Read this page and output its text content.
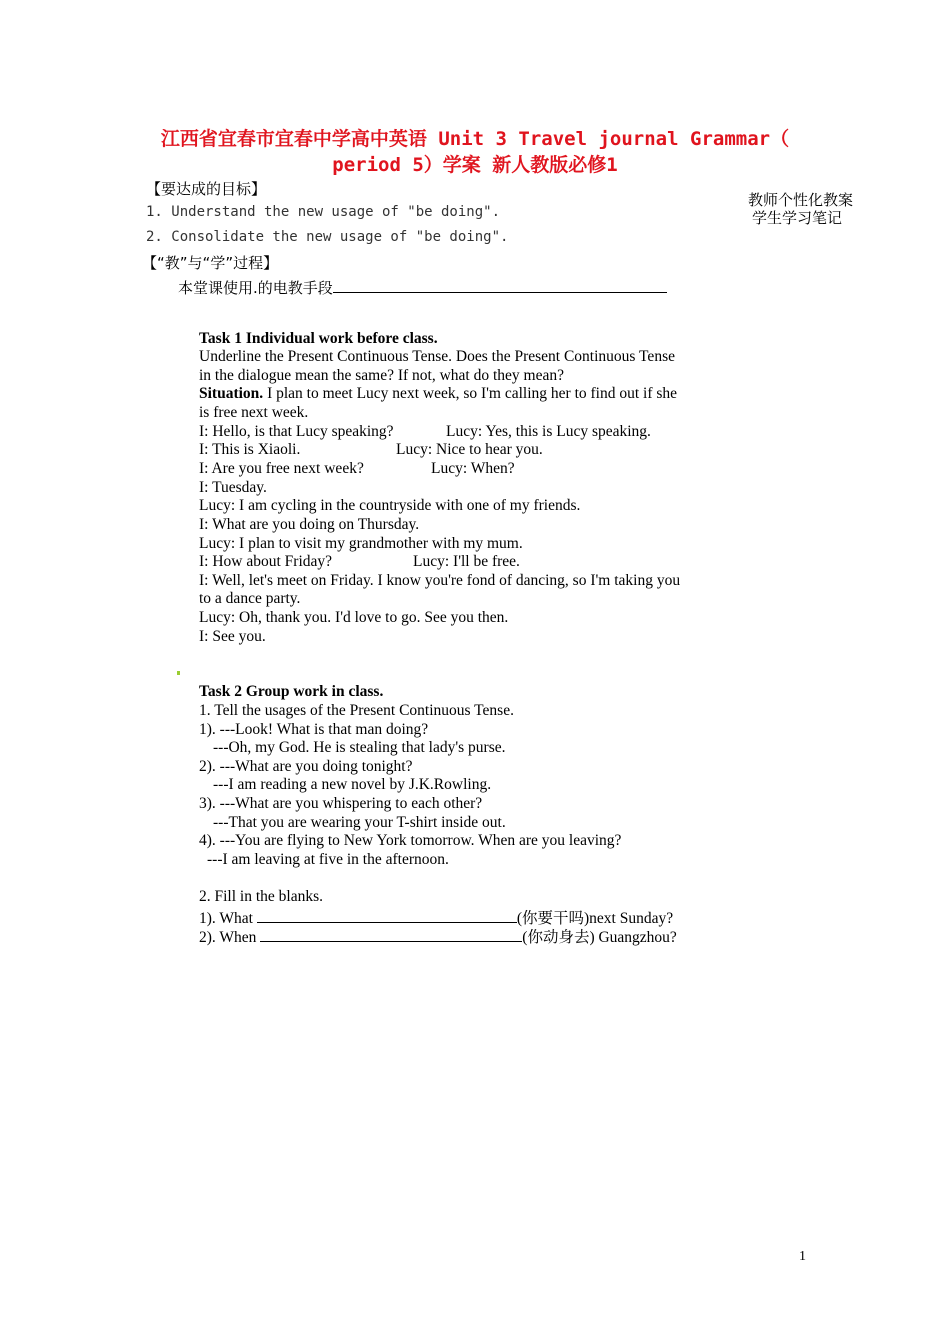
江西省宜春市宜春中学高中英语 Unit 3 Travel journal Grammar（
period 5）学案 新人教版必修1
教师个性化教案
学生学习笔记
【要达成的目标】
1. Understand the new usage of "be doing".
2. Consolidate the new usage of "be doing".
【“教”与“学”过程】
本堂课使用.的电教手段
Task 1 Individual work before class.
Underline the Present Continuous Tense. Does the Present Continuous Tense
in the dialogue mean the same? If not, what do they mean?
Situation. I plan to meet Lucy next week, so I'm calling her to find out if she
is free next week.
I: Hello, is that Lucy speaking?	Lucy: Yes, this is Lucy speaking.
I: This is Xiaoli.	Lucy: Nice to hear you.
I: Are you free next week?	Lucy: When?
I: Tuesday.
Lucy: I am cycling in the countryside with one of my friends.
I: What are you doing on Thursday.
Lucy: I plan to visit my grandmother with my mum.
I: How about Friday?	Lucy: I'll be free.
I: Well, let's meet on Friday. I know you're fond of dancing, so I'm taking you
to a dance party.
Lucy: Oh, thank you. I'd love to go. See you then.
I: See you.
Task 2 Group work in class.
1. Tell the usages of the Present Continuous Tense.
1). ---Look! What is that man doing?
---Oh, my God. He is stealing that lady's purse.
2). ---What are you doing tonight?
---I am reading a new novel by J.K.Rowling.
3). ---What are you whispering to each other?
---That you are wearing your T-shirt inside out.
4). ---You are flying to New York tomorrow. When are you leaving?
---I am leaving at five in the afternoon.
2. Fill in the blanks.
1). What	(你要干吗)next Sunday?
2). When	(你动身去) Guangzhou?
1
